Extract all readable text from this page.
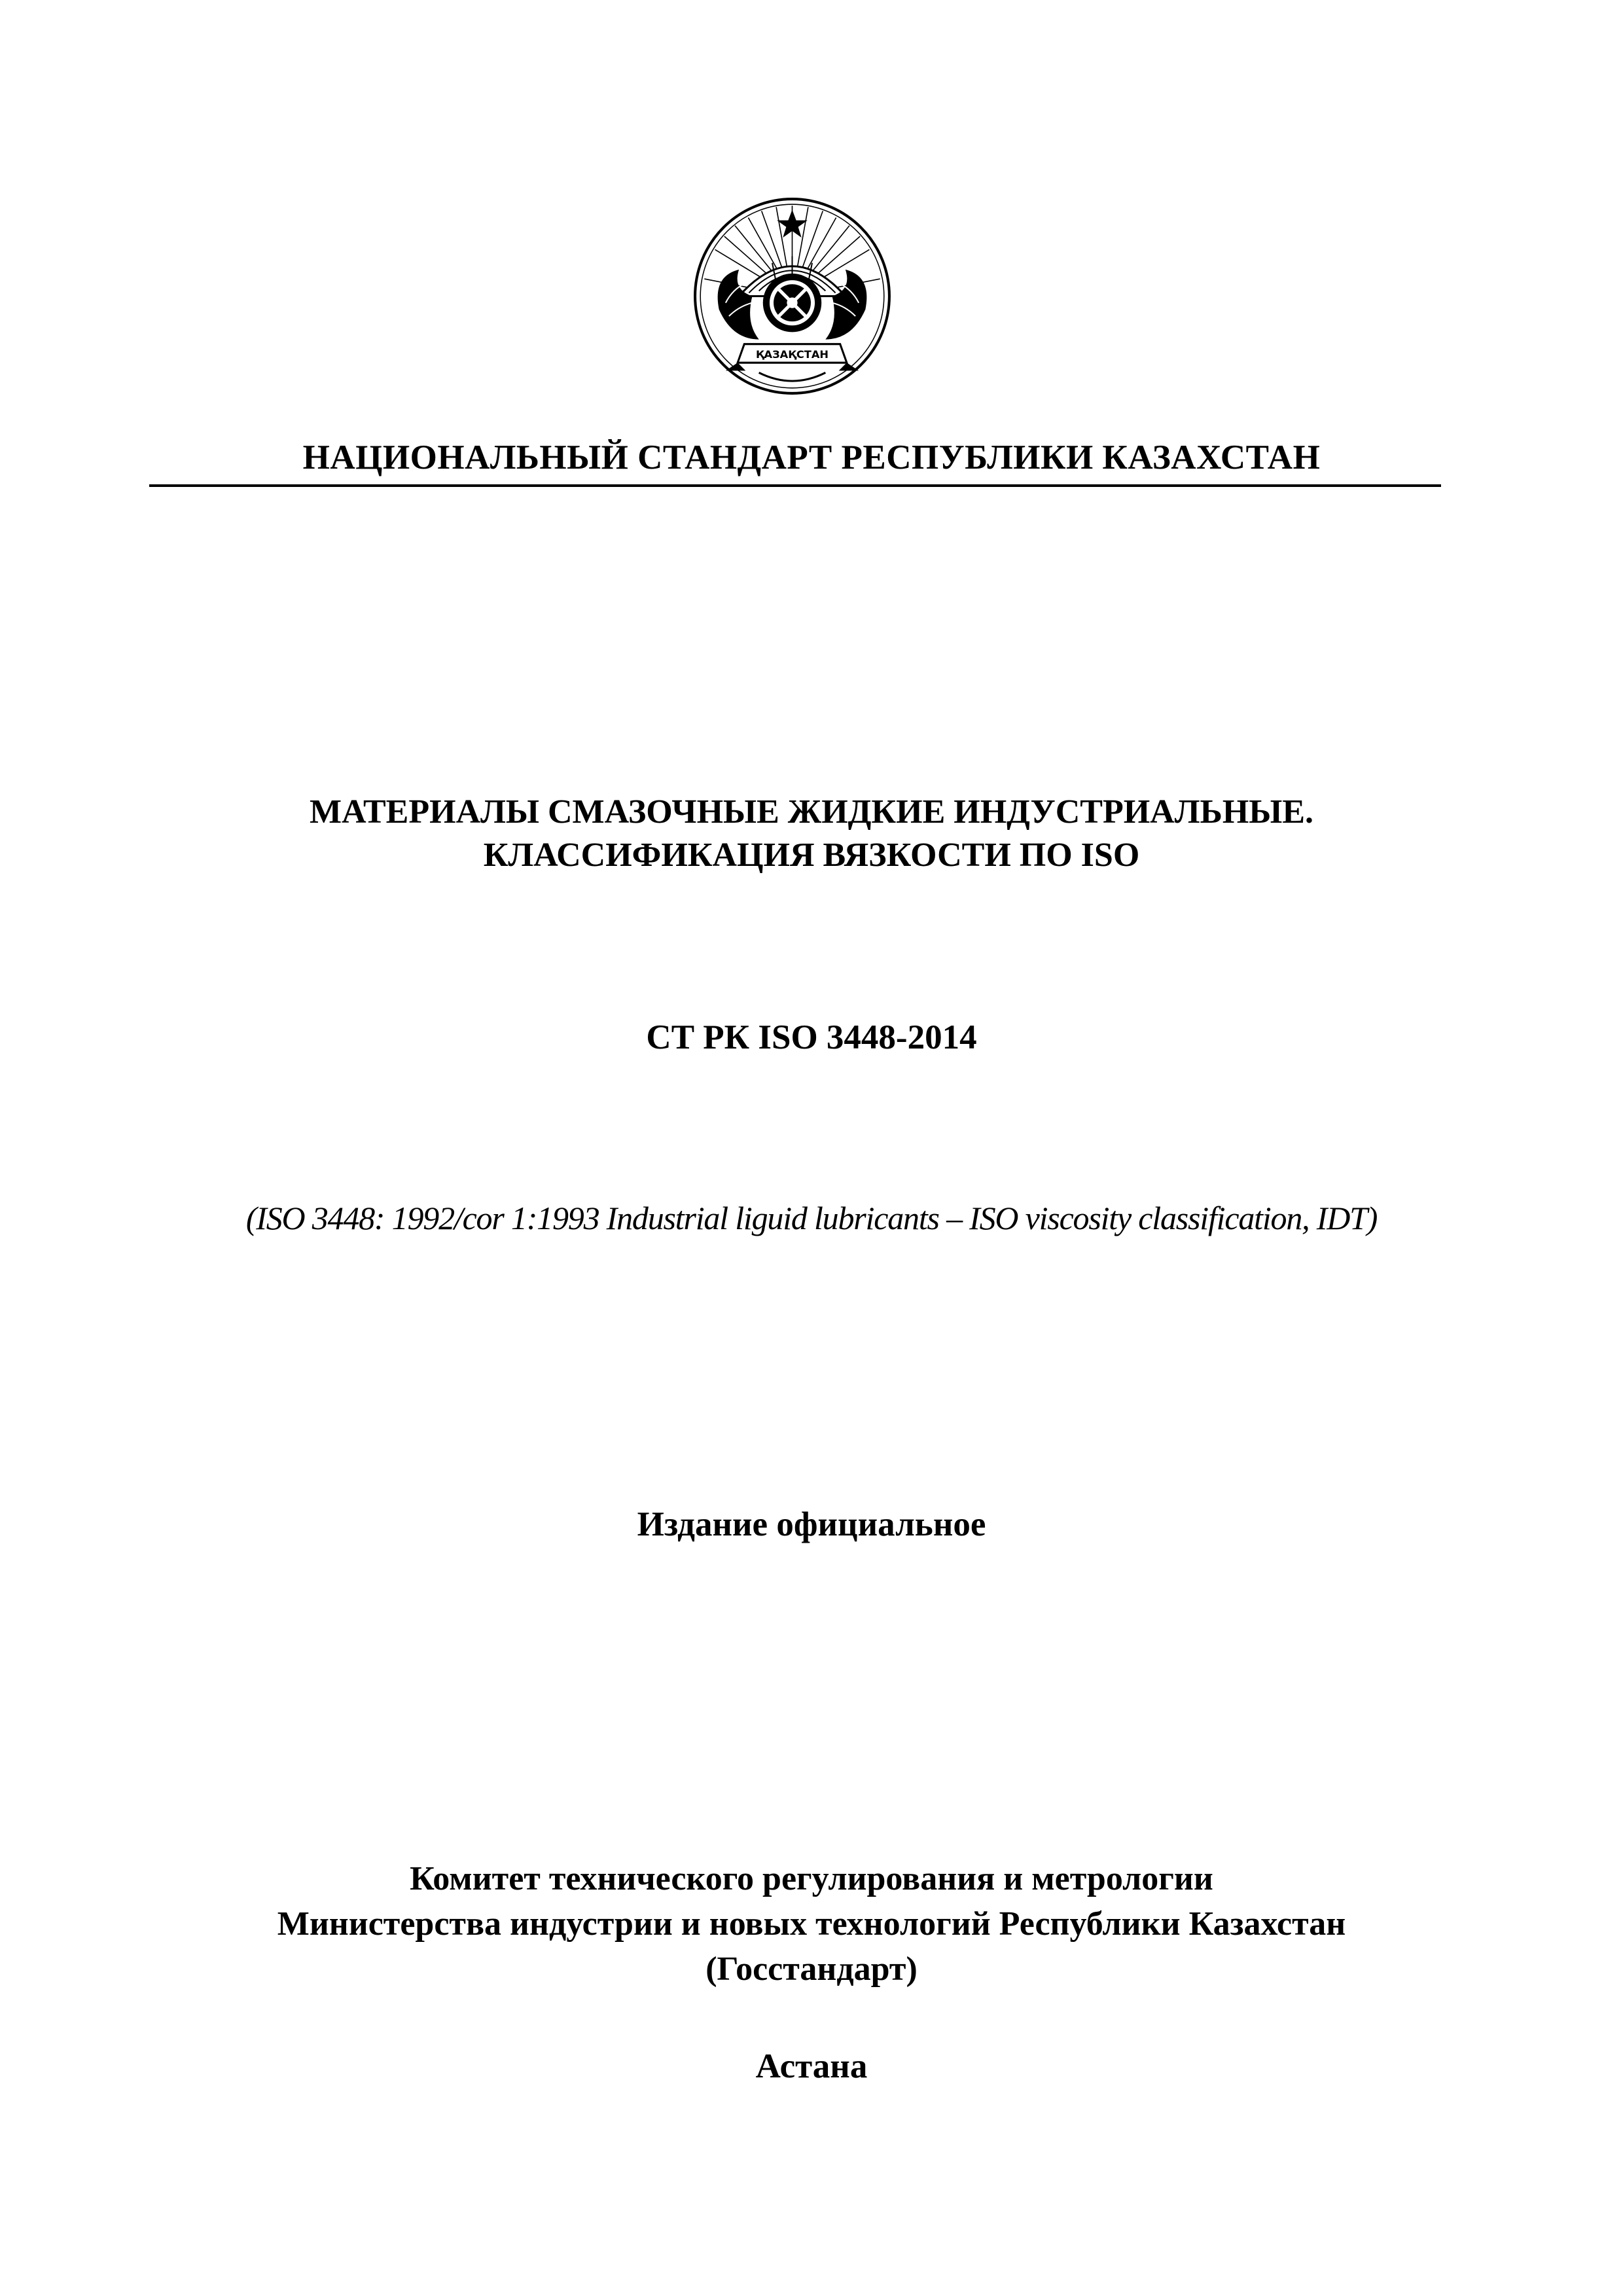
ҚАЗАҚСТАН
НАЦИОНАЛЬНЫЙ СТАНДАРТ РЕСПУБЛИКИ КАЗАХСТАН
МАТЕРИАЛЫ СМАЗОЧНЫЕ ЖИДКИЕ ИНДУСТРИАЛЬНЫЕ.
КЛАССИФИКАЦИЯ ВЯЗКОСТИ ПО ISO
СТ РК ISO 3448-2014
(ISO 3448: 1992/cor 1:1993 Industrial liguid lubricants – ISO viscosity classification, IDT)
Издание официальное
Комитет технического регулирования и метрологии
Министерства индустрии и новых технологий Республики Казахстан
(Госстандарт)
Астана
